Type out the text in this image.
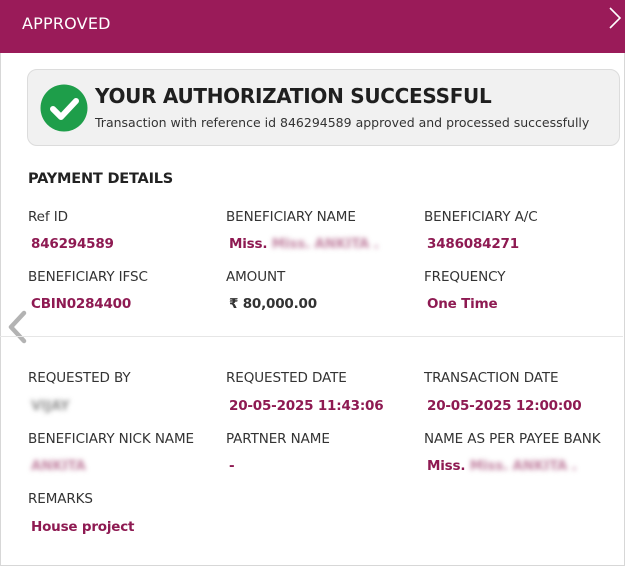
APPROVED
YOUR AUTHORIZATION SUCCESSFUL
Transaction with reference id 846294589 approved and processed successfully
PAYMENT DETAILS
Ref ID
846294589
BENEFICIARY NAME
Miss. Miss. ANKITA .
BENEFICIARY A/C
3486084271
BENEFICIARY IFSC
CBIN0284400
AMOUNT
₹ 80,000.00
FREQUENCY
One Time
REQUESTED BY
VIJAY
REQUESTED DATE
20-05-2025 11:43:06
TRANSACTION DATE
20-05-2025 12:00:00
BENEFICIARY NICK NAME
ANKITA
PARTNER NAME
-
NAME AS PER PAYEE BANK
Miss. Miss. ANKITA .
REMARKS
House project
